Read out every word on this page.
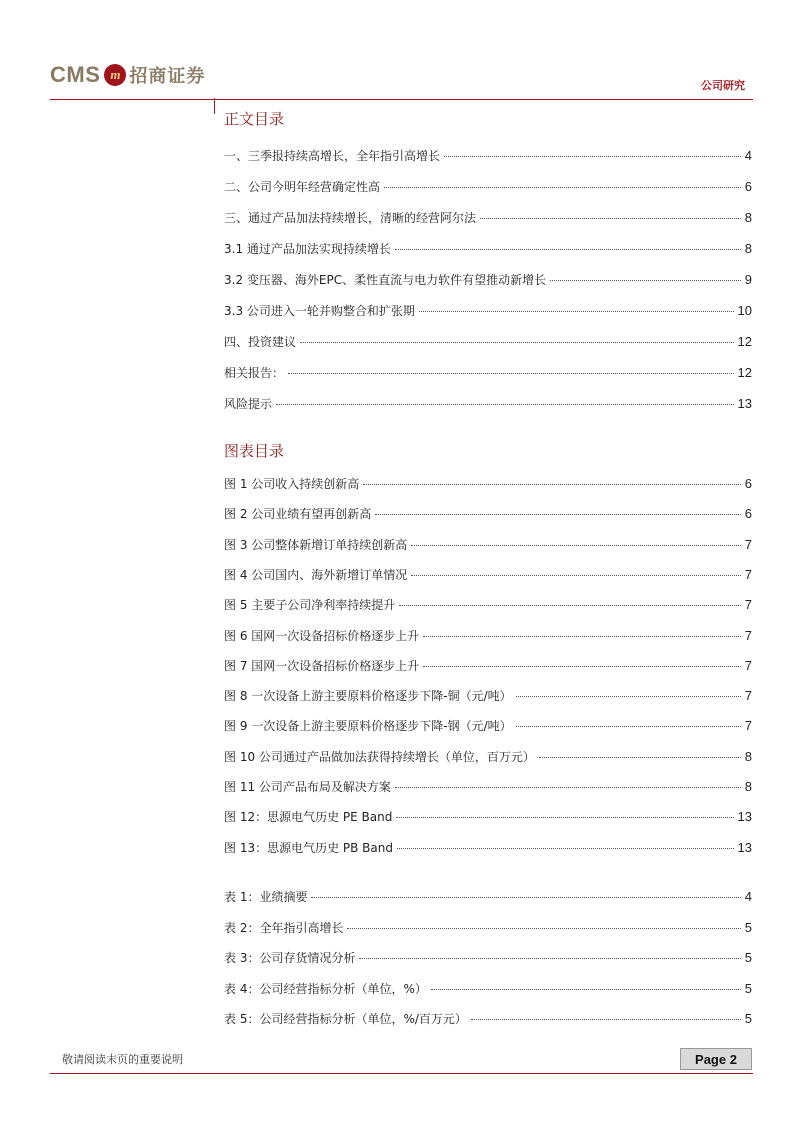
CMS m 招商证券	公司研究
正文目录
一、三季报持续高增长，全年指引高增长	4
二、公司今明年经营确定性高	6
三、通过产品加法持续增长，清晰的经营阿尔法	8
3.1 通过产品加法实现持续增长	8
3.2 变压器、海外EPC、柔性直流与电力软件有望推动新增长	9
3.3 公司进入一轮并购整合和扩张期	10
四、投资建议	12
相关报告：	12
风险提示	13
图表目录
图 1 公司收入持续创新高	6
图 2 公司业绩有望再创新高	6
图 3 公司整体新增订单持续创新高	7
图 4 公司国内、海外新增订单情况	7
图 5 主要子公司净利率持续提升	7
图 6 国网一次设备招标价格逐步上升	7
图 7 国网一次设备招标价格逐步上升	7
图 8 一次设备上游主要原料价格逐步下降-铜（元/吨）	7
图 9 一次设备上游主要原料价格逐步下降-钢（元/吨）	7
图 10 公司通过产品做加法获得持续增长（单位，百万元）	8
图 11 公司产品布局及解决方案	8
图 12：思源电气历史 PE Band	13
图 13：思源电气历史 PB Band	13
表 1：业绩摘要	4
表 2：全年指引高增长	5
表 3：公司存货情况分析	5
表 4：公司经营指标分析（单位，%）	5
表 5：公司经营指标分析（单位，%/百万元）	5
敬请阅读末页的重要说明	Page 2
